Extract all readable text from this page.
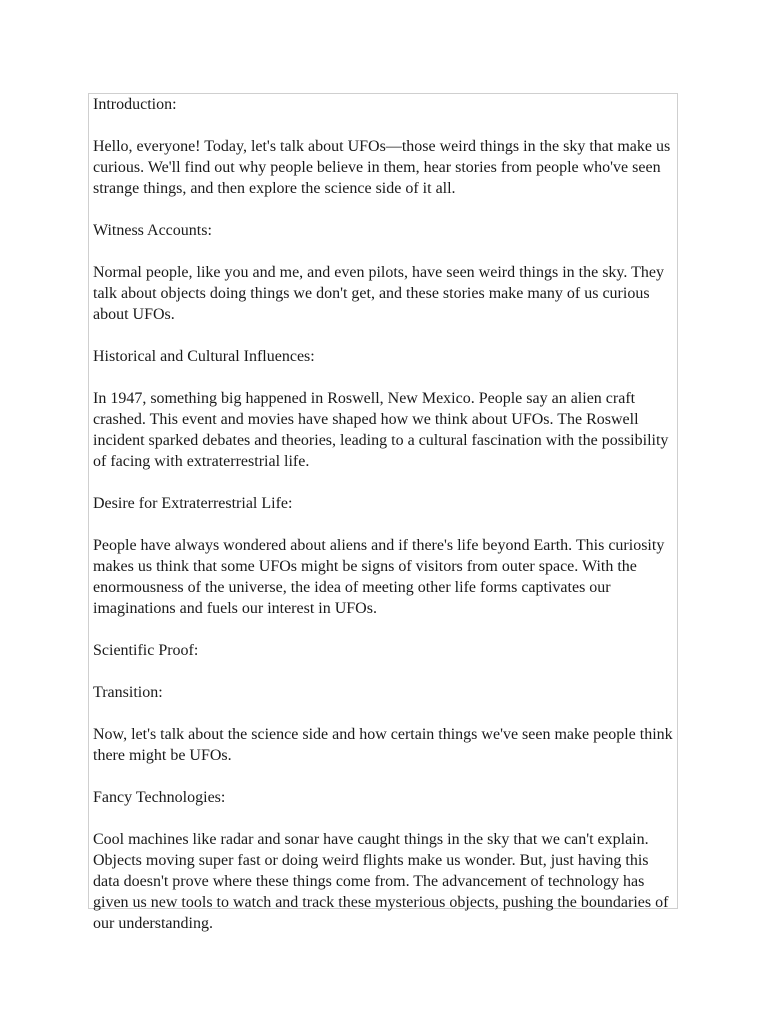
Introduction:

Hello, everyone! Today, let's talk about UFOs—those weird things in the sky that make us curious. We'll find out why people believe in them, hear stories from people who've seen strange things, and then explore the science side of it all.

Witness Accounts:

Normal people, like you and me, and even pilots, have seen weird things in the sky. They talk about objects doing things we don't get, and these stories make many of us curious about UFOs.

Historical and Cultural Influences:

In 1947, something big happened in Roswell, New Mexico. People say an alien craft crashed. This event and movies have shaped how we think about UFOs. The Roswell incident sparked debates and theories, leading to a cultural fascination with the possibility of facing with extraterrestrial life.

Desire for Extraterrestrial Life:

People have always wondered about aliens and if there's life beyond Earth. This curiosity makes us think that some UFOs might be signs of visitors from outer space. With the enormousness of the universe, the idea of meeting other life forms captivates our imaginations and fuels our interest in UFOs.

Scientific Proof:

Transition:

Now, let's talk about the science side and how certain things we've seen make people think there might be UFOs.

Fancy Technologies:

Cool machines like radar and sonar have caught things in the sky that we can't explain. Objects moving super fast or doing weird flights make us wonder. But, just having this data doesn't prove where these things come from. The advancement of technology has given us new tools to watch and track these mysterious objects, pushing the boundaries of our understanding.
